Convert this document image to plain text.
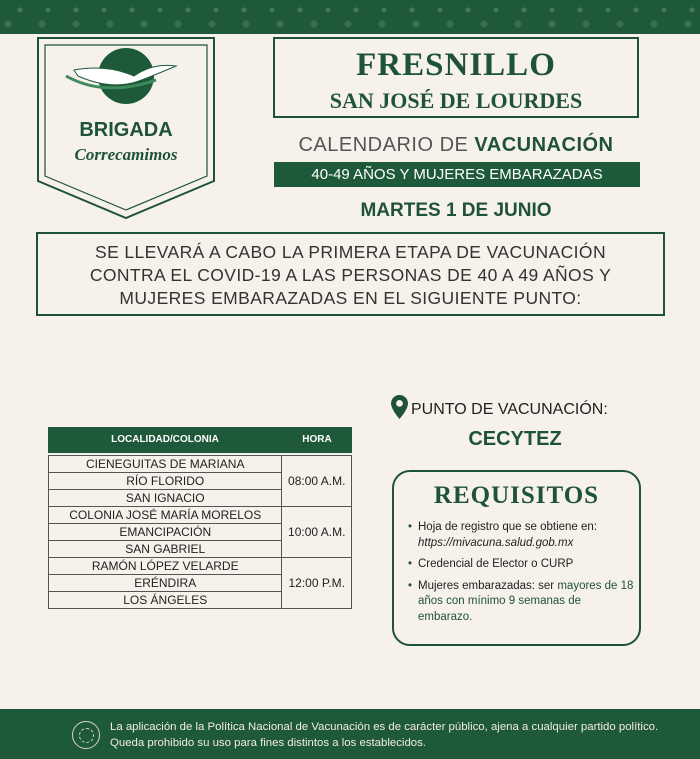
BRIGADA
Correcamimos
FRESNILLO
SAN JOSÉ DE LOURDES
CALENDARIO DE VACUNACIÓN
40-49 AÑOS Y MUJERES EMBARAZADAS
MARTES 1 DE JUNIO
SE LLEVARÁ A CABO LA PRIMERA ETAPA DE VACUNACIÓN
CONTRA EL COVID-19 A LAS PERSONAS DE 40 A 49 AÑOS Y
MUJERES EMBARAZADAS EN EL SIGUIENTE PUNTO:
LOCALIDAD/COLONIA	HORA
CIENEGUITAS DE MARIANA
RÍO FLORIDO
SAN IGNACIO
08:00 A.M.
COLONIA JOSÉ MARÍA MORELOS
EMANCIPACIÓN
SAN GABRIEL
10:00 A.M.
RAMÓN LÓPEZ VELARDE
ERÉNDIRA
LOS ÁNGELES
12:00 P.M.
PUNTO DE VACUNACIÓN:
CECYTEZ
REQUISITOS
• Hoja de registro que se obtiene en: https://mivacuna.salud.gob.mx
• Credencial de Elector o CURP
• Mujeres embarazadas: ser mayores de 18 años con mínimo 9 semanas de embarazo.
La aplicación de la Política Nacional de Vacunación es de carácter público, ajena a cualquier partido político. Queda prohibido su uso para fines distintos a los establecidos.
